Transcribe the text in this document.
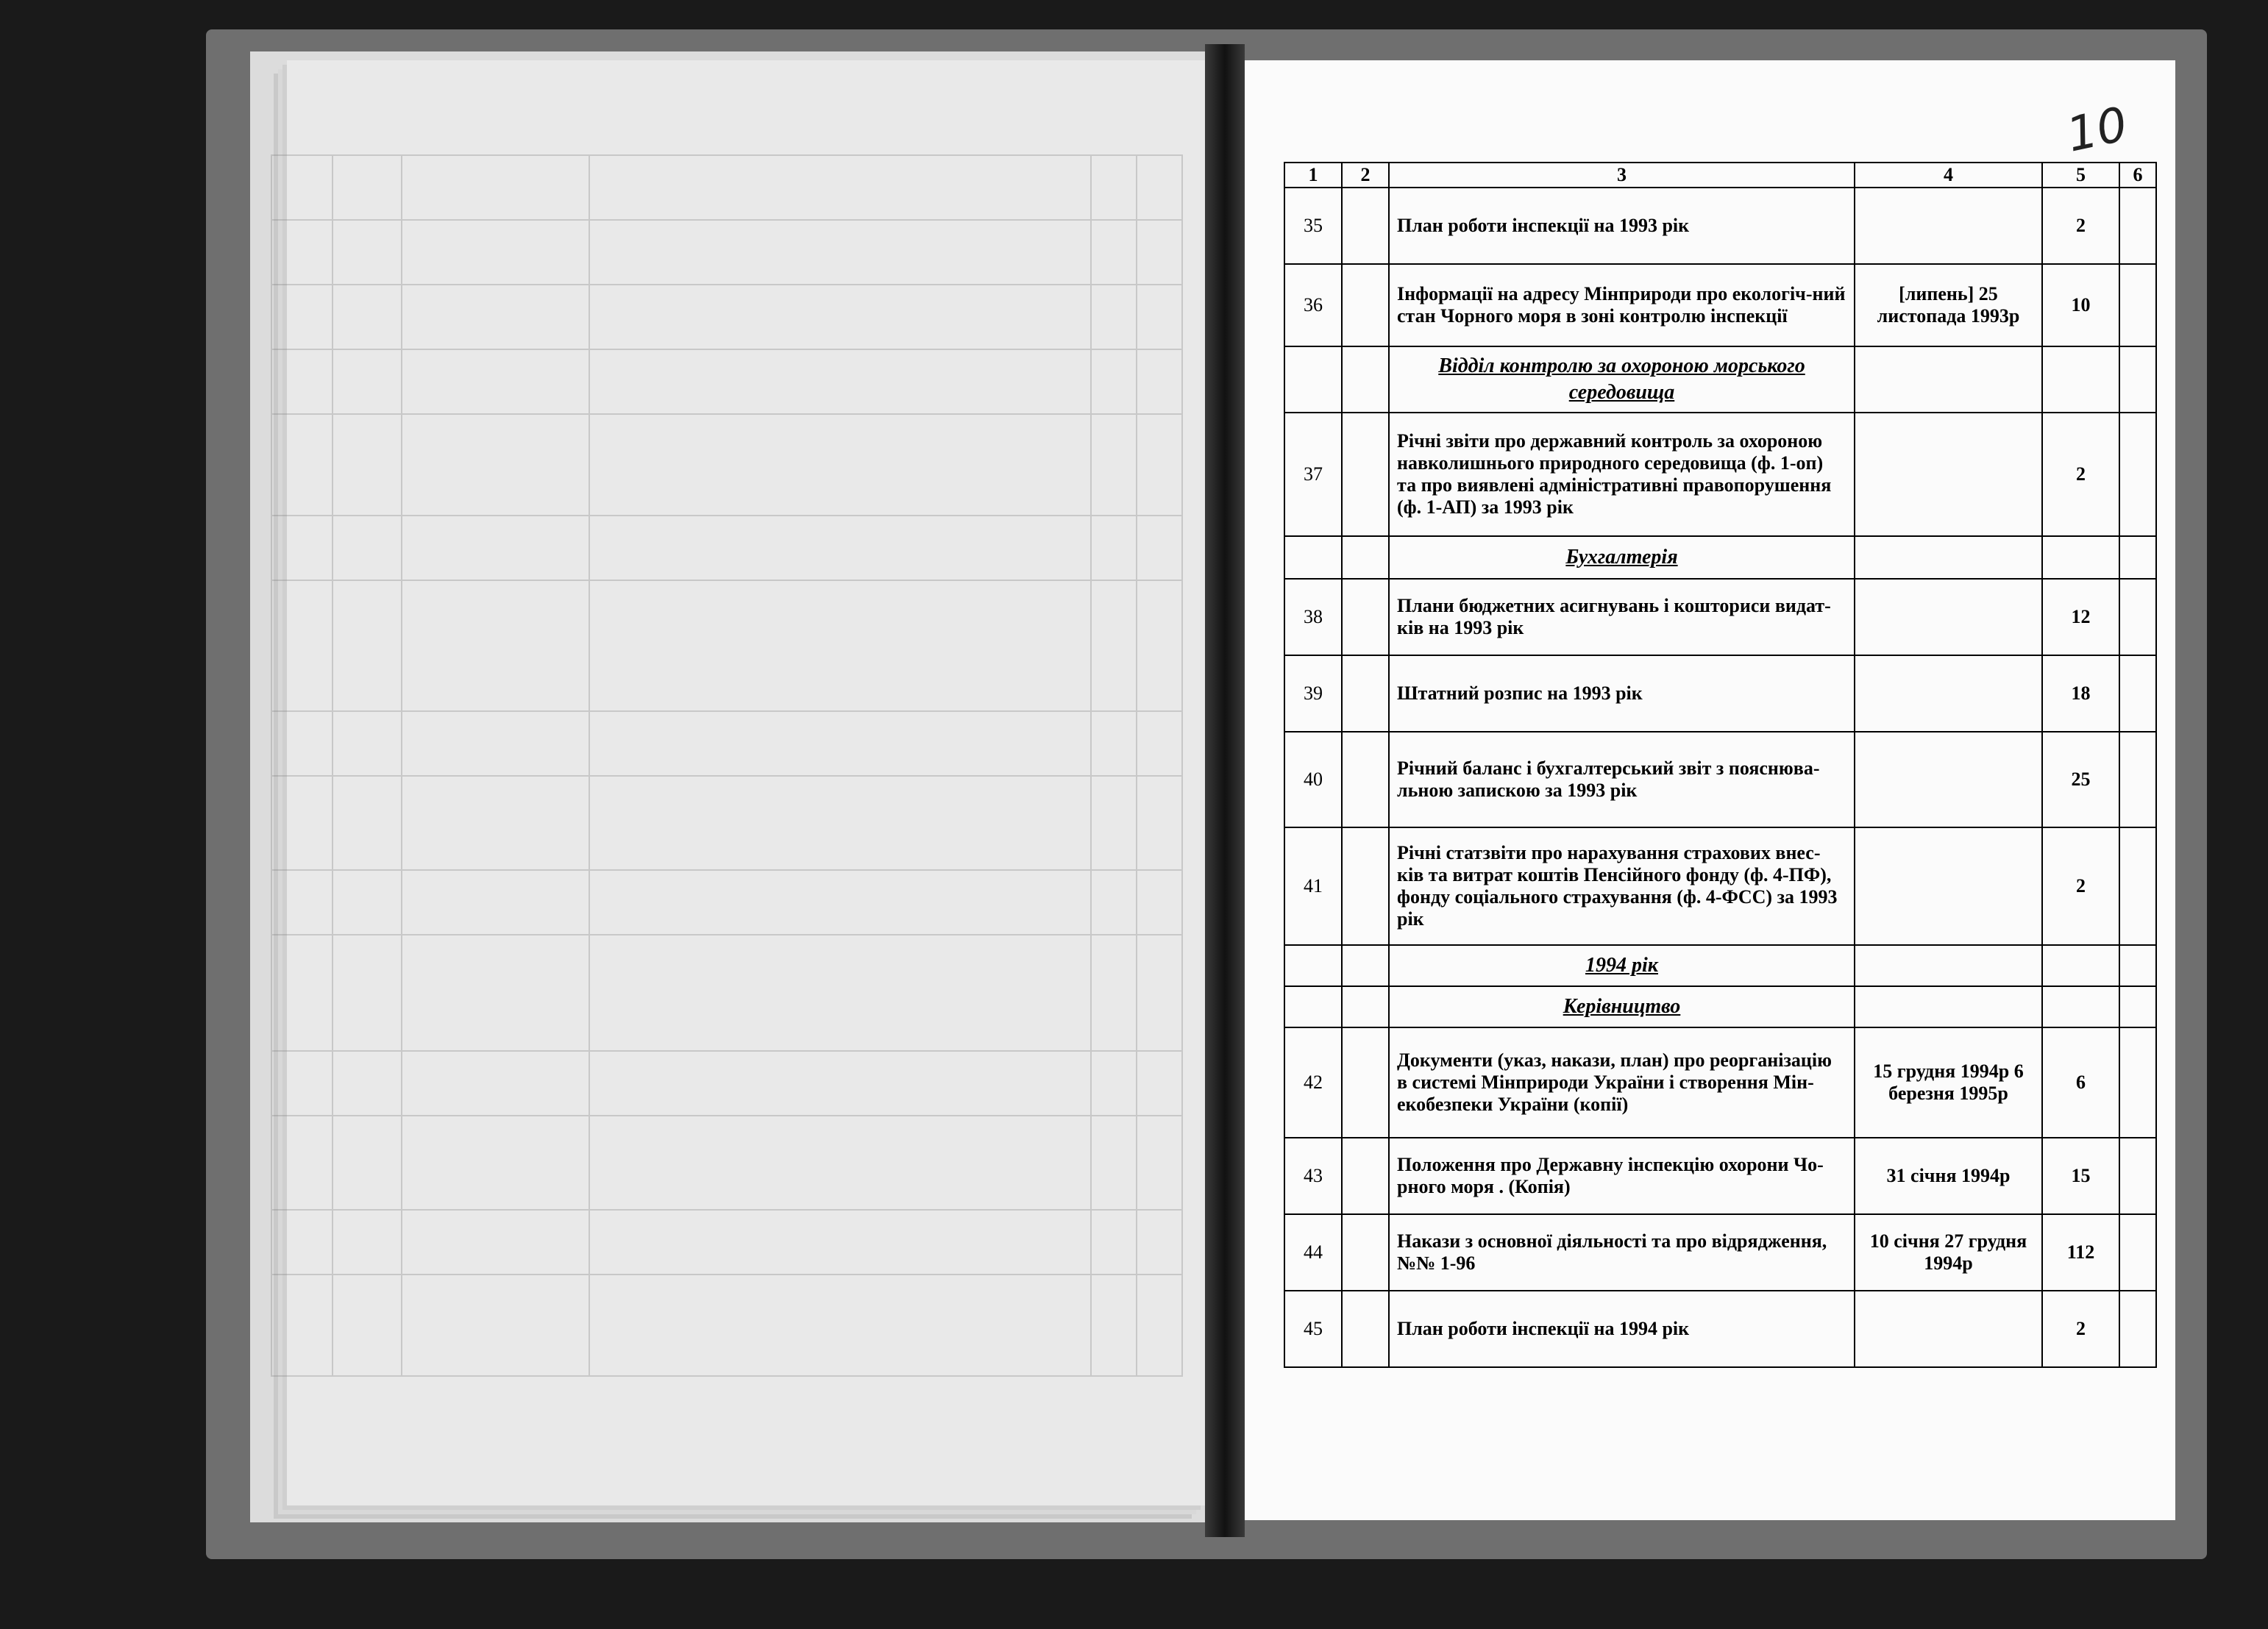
10
1	2	3	4	5	6
35		План роботи інспекції на 1993 рік		2	
36		Інформації на адресу Мінприроди про екологіч-ний стан Чорного моря в зоні контролю інспекції	[липень] 25 листопада 1993р	10	
		Відділ контролю за охороною морського середовища			
37		Річні звіти про державний контроль за охороною навколишнього природного середовища (ф. 1-оп) та про виявлені адміністративні правопорушення (ф. 1-АП) за 1993 рік		2	
		Бухгалтерія			
38		Плани бюджетних асигнувань і кошториси видат-ків на 1993 рік		12	
39		Штатний розпис на 1993 рік		18	
40		Річний баланс і бухгалтерський звіт з пояснюва-льною запискою за 1993 рік		25	
41		Річні статзвіти про нарахування страхових внес-ків та витрат коштів Пенсійного фонду (ф. 4-ПФ), фонду соціального страхування (ф. 4-ФСС) за 1993 рік		2	
		1994 рік			
		Керівництво			
42		Документи (указ, накази, план) про реорганізацію в системі Мінприроди України і створення Мін-екобезпеки України (копії)	15 грудня 1994р 6 березня 1995р	6	
43		Положення про Державну інспекцію охорони Чо-рного моря . (Копія)	31 січня 1994р	15	
44		Накази з основної діяльності та про відрядження, №№ 1-96	10 січня 27 грудня 1994р	112	
45		План роботи інспекції на 1994 рік		2	
